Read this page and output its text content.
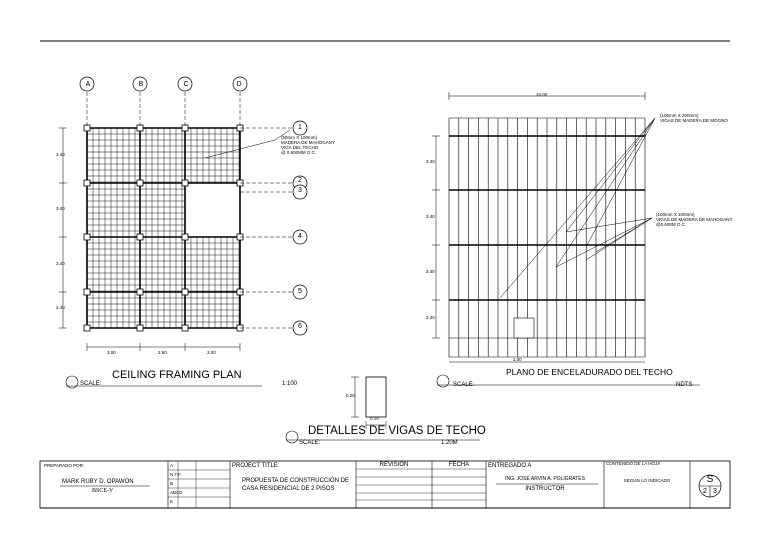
CEILING FRAMING PLAN
SCALE:	1:100
(50mm X 100mm)
MADERA DE MAHOGANY
VIGA DEL TECHO
@ 0.600MM O.C.
A	B	C	D
1
2
3
4
5
6
3.40
3.40
3.40
2.40
3.00	2.50	3.00
PLANO DE ENCELADURADO DEL TECHO
SCALE:	NDTS
10.00
1.00
3.40
3.40
3.40
2.40
(100mm X 200mm)
VIGAS DE MADERA DE MOGNO
(100mm X 100mm)
VIGAS DE MADERA DE MAHOGANY
@0.600M O.C.
0.20
0.10
DETALLES DE VIGAS DE TECHO
SCALE:	1:20M
PREPARADO POR:
MARK RUBY D. OPAWON
BSCE-V
A
N.T.F.
B
ABCD
E
PROJECT TITLE:
PROPUESTA DE CONSTRUCCIÓN DE
CASA RESIDENCIAL DE 2 PISOS
REVISION	FECHA	ENTREGADO A
ING. JOSÉ ARVIN A. POLIGRATES
INSTRUCTOR
CONTENIDO DE LA HOJA
SEGÚN LO INDICADO	S
2 3
